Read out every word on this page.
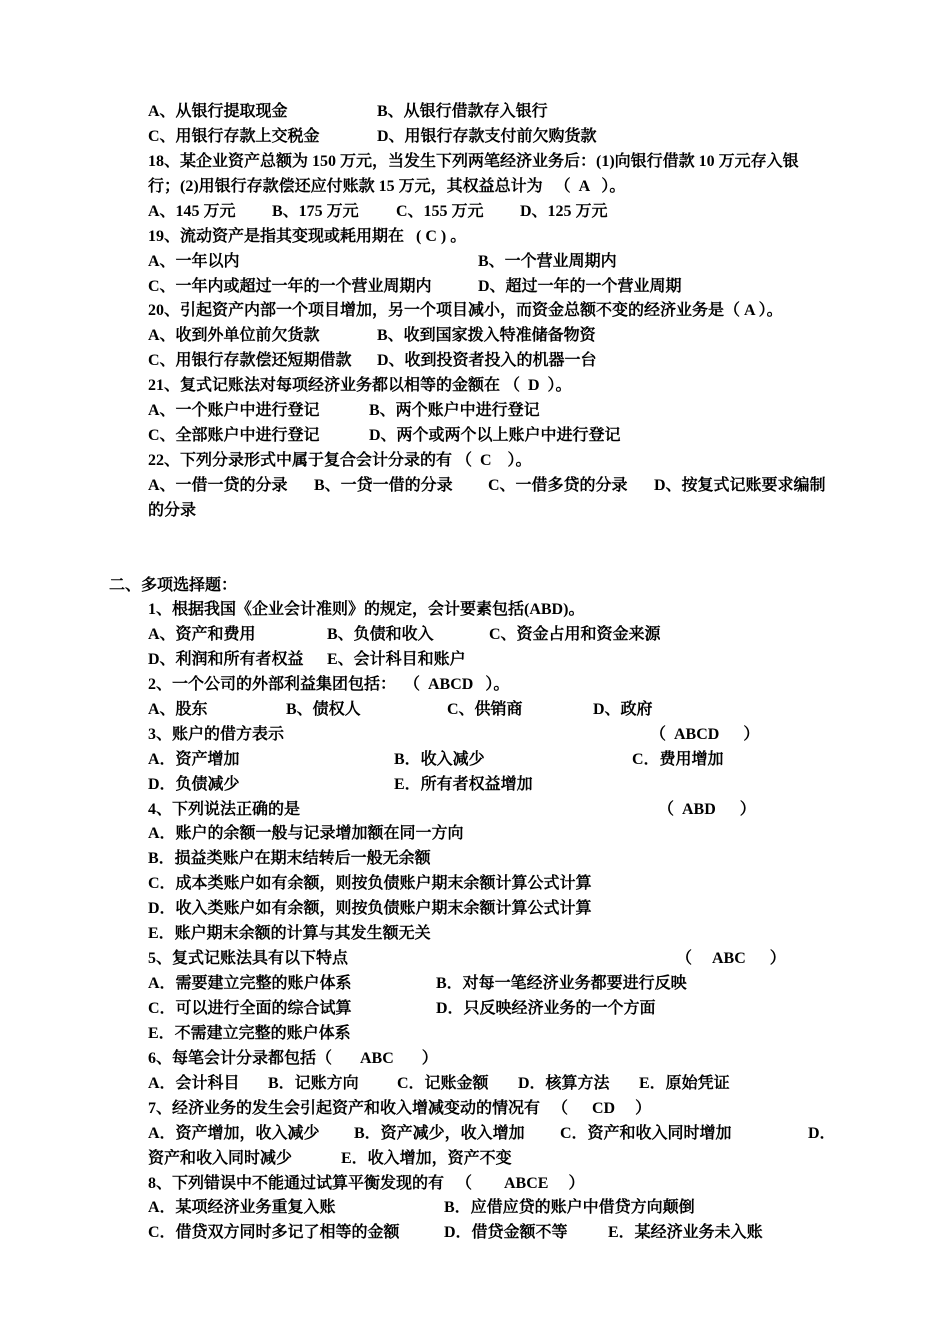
A、从银行提取现金	B、从银行借款存入银行
C、用银行存款上交税金	D、用银行存款支付前欠购货款
18、某企业资产总额为 150 万元，当发生下列两笔经济业务后：(1)向银行借款 10 万元存入银
行；(2)用银行存款偿还应付账款 15 万元，其权益总计为   （  A   ）。
A、145 万元 B、175 万元 C、155 万元 D、125 万元
19、流动资产是指其变现或耗用期在   ( C ) 。
A、一年以内	B、一个营业周期内
C、一年内或超过一年的一个营业周期内	D、超过一年的一个营业周期
20、引起资产内部一个项目增加，另一个项目减小，而资金总额不变的经济业务是（ A ）。
A、收到外单位前欠货款	B、收到国家拨入特准储备物资
C、用银行存款偿还短期借款 D、收到投资者投入的机器一台
21、复式记账法对每项经济业务都以相等的金额在 （  D  ）。
A、一个账户中进行登记	B、两个账户中进行登记
C、全部账户中进行登记	D、两个或两个以上账户中进行登记
22、下列分录形式中属于复合会计分录的有 （  C    ）。
A、一借一贷的分录 B、一贷一借的分录 C、一借多贷的分录 D、按复式记账要求编制
的分录
二、多项选择题：
1、根据我国《企业会计准则》的规定，会计要素包括(ABD)。
A、资产和费用	B、负债和收入	C、资金占用和资金来源
D、利润和所有者权益 E、会计科目和账户
2、一个公司的外部利益集团包括：  （  ABCD   ）。
A、股东	B、债权人	C、供销商	D、政府
3、账户的借方表示	（  ABCD      ）
A．资产增加	B．收入减少	C．费用增加
D．负债减少	E．所有者权益增加
4、下列说法正确的是	（  ABD      ）
A．账户的余额一般与记录增加额在同一方向
B．损益类账户在期末结转后一般无余额
C．成本类账户如有余额，则按负债账户期末余额计算公式计算
D．收入类账户如有余额，则按负债账户期末余额计算公式计算
E．账户期末余额的计算与其发生额无关
5、复式记账法具有以下特点	（     ABC      ）
A．需要建立完整的账户体系	B．对每一笔经济业务都要进行反映
C．可以进行全面的综合试算	D．只反映经济业务的一个方面
E．不需建立完整的账户体系
6、每笔会计分录都包括（       ABC       ）
A．会计科目 B．记账方向 C．记账金额 D．核算方法 E．原始凭证
7、经济业务的发生会引起资产和收入增减变动的情况有   （      CD     ）
A．资产增加，收入减少 B．资产减少，收入增加 C．资产和收入同时增加	D．
资产和收入同时减少	E．收入增加，资产不变
8、下列错误中不能通过试算平衡发现的有   （        ABCE     ）
A．某项经济业务重复入账	B．应借应贷的账户中借贷方向颠倒
C．借贷双方同时多记了相等的金额	D．借贷金额不等	E．某经济业务未入账
